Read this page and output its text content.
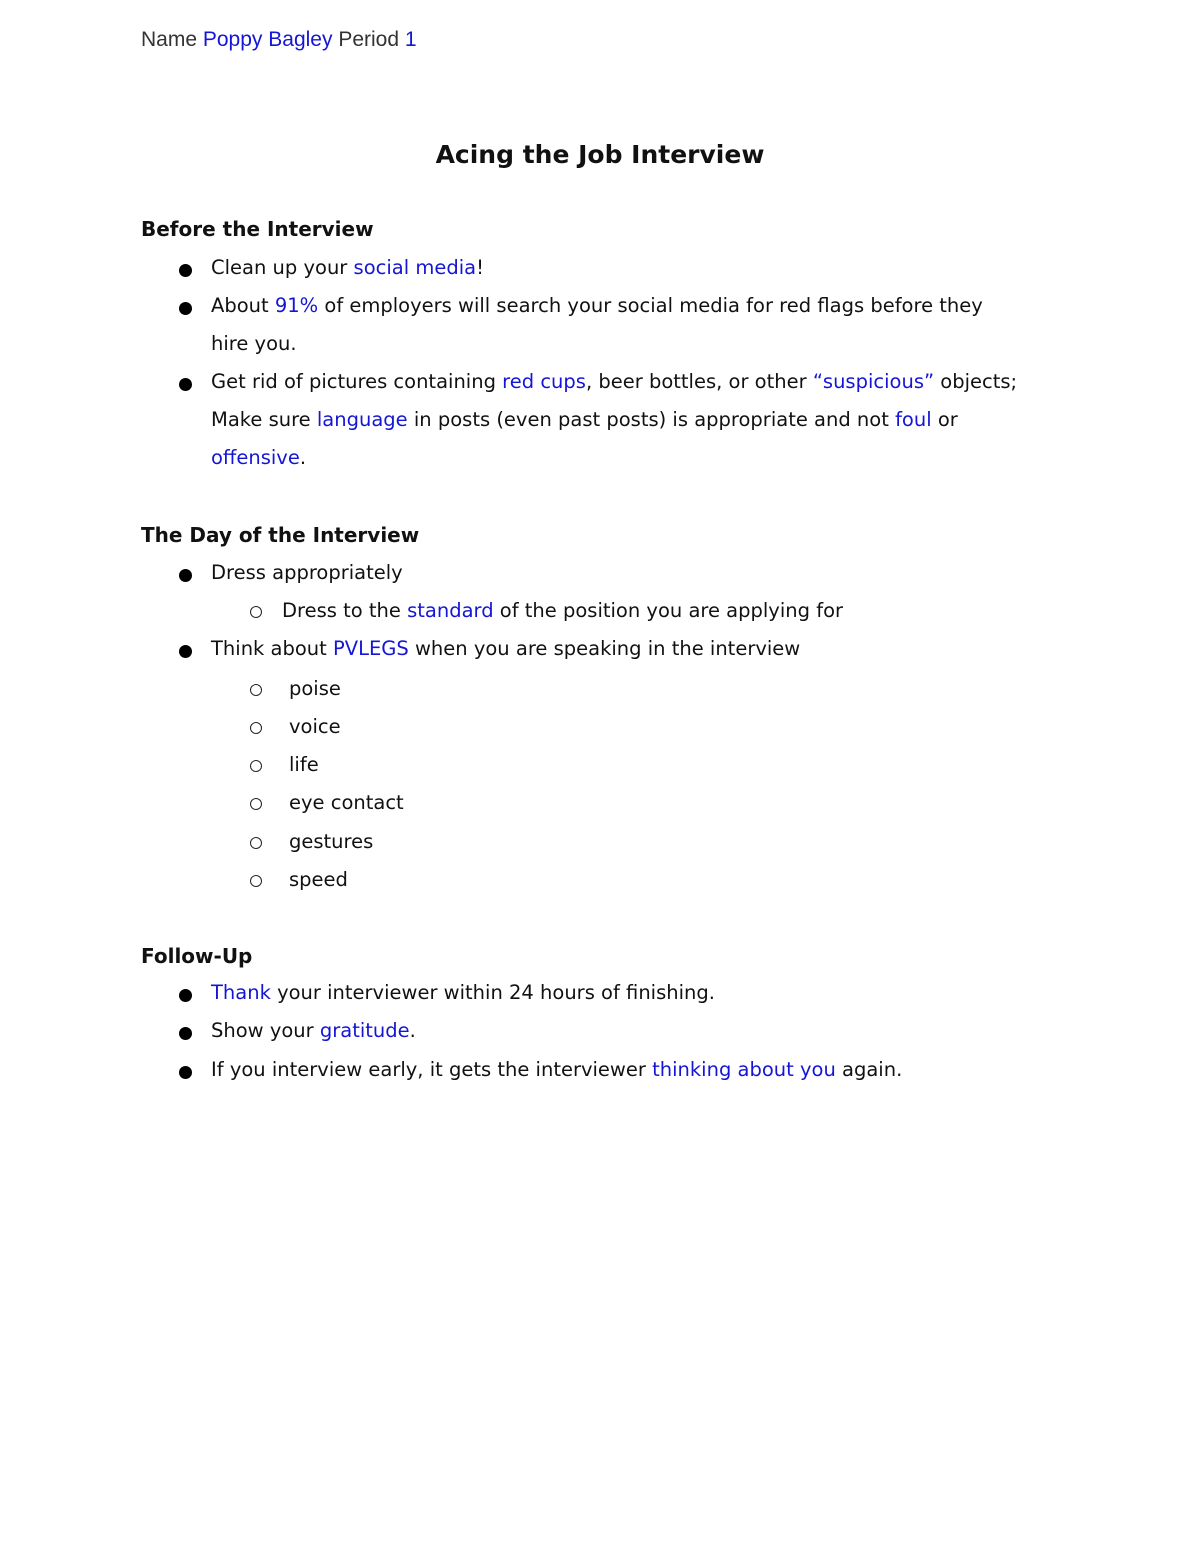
Name Poppy Bagley Period 1
Acing the Job Interview
Before the Interview
Clean up your social media!
About 91% of employers will search your social media for red flags before they
hire you.
Get rid of pictures containing red cups, beer bottles, or other “suspicious” objects;
Make sure language in posts (even past posts) is appropriate and not foul or
offensive.
The Day of the Interview
Dress appropriately
Dress to the standard of the position you are applying for
Think about PVLEGS when you are speaking in the interview
poise
voice
life
eye contact
gestures
speed
Follow-Up
Thank your interviewer within 24 hours of finishing.
Show your gratitude.
If you interview early, it gets the interviewer thinking about you again.
